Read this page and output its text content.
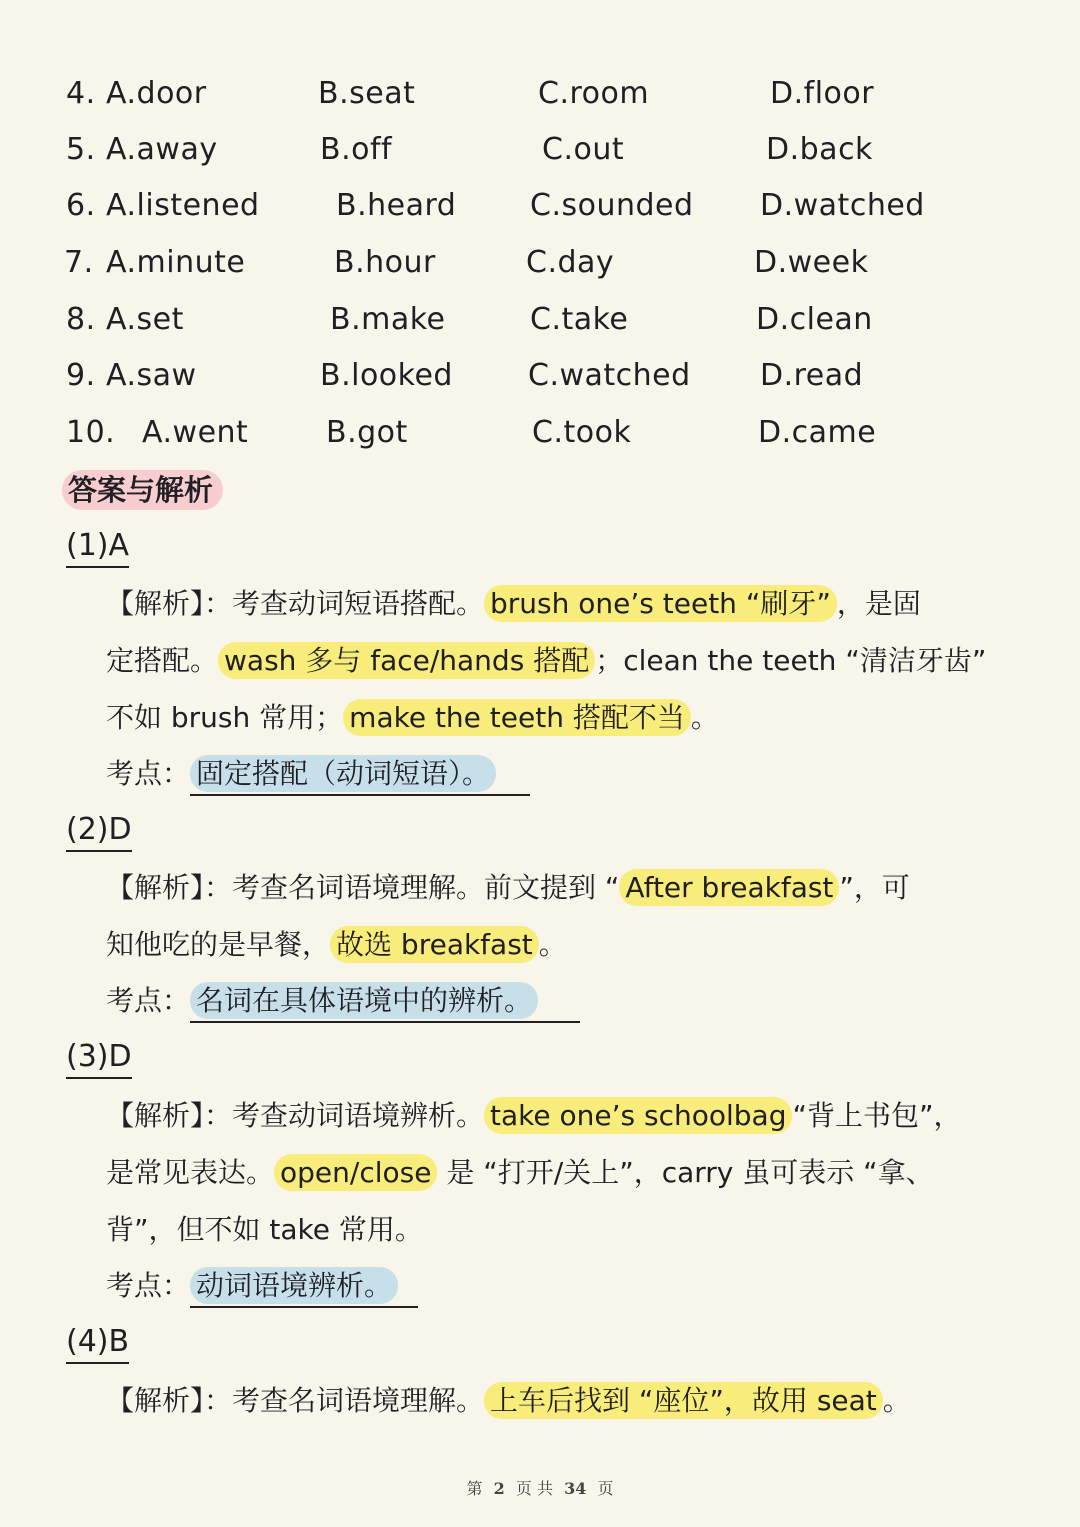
4. A.door	B.seat	C.room	D.floor
5. A.away	B.off	C.out	D.back
6. A.listened	B.heard C.sounded D.watched
7. A.minute	B.hour	C.day	D.week
8. A.set	B.make	C.take	D.clean
9. A.saw	B.looked	C.watched D.read
10. A.went	B.got	C.took	D.came
答案与解析
(1)A
【解析】：考查动词短语搭配。 brush one’s teeth “刷牙” ，是固
定搭配。 wash 多与 face/hands 搭配 ；clean the teeth “清洁牙齿”
不如 brush 常用； make the teeth 搭配不当 。
考点： 固定搭配（动词短语）。
(2)D
【解析】：考查名词语境理解。前文提到 “ After breakfast ”，可
知他吃的是早餐， 故选 breakfast 。
考点： 名词在具体语境中的辨析。
(3)D
【解析】：考查动词语境辨析。 take one’s schoolbag “背上书包”，
是常见表达。 open/close 是 “打开/关上”，carry 虽可表示 “拿、
背”，但不如 take 常用。
考点： 动词语境辨析。
(4)B
【解析】：考查名词语境理解。 上车后找到 “座位”，故用 seat 。
第 2 页 共 34 页
